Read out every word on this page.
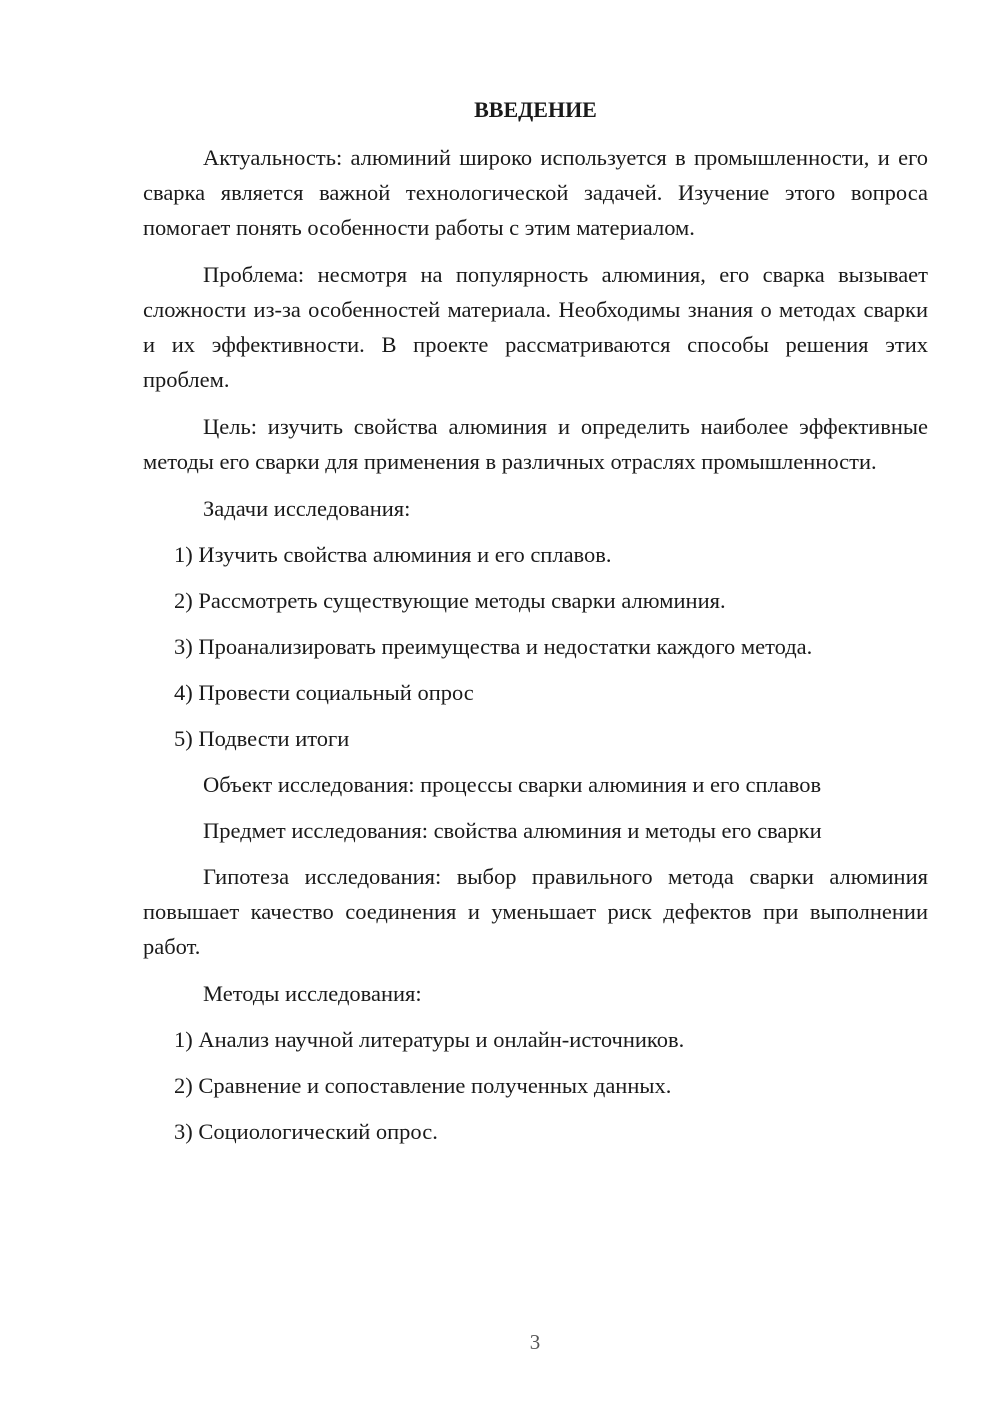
ВВЕДЕНИЕ

Актуальность: алюминий широко используется в промышленности, и его сварка является важной технологической задачей. Изучение этого вопроса помогает понять особенности работы с этим материалом.

Проблема: несмотря на популярность алюминия, его сварка вызывает сложности из-за особенностей материала. Необходимы знания о методах сварки и их эффективности. В проекте рассматриваются способы решения этих проблем.

Цель: изучить свойства алюминия и определить наиболее эффективные методы его сварки для применения в различных отраслях промышленности.

Задачи исследования:

1) Изучить свойства алюминия и его сплавов.
2) Рассмотреть существующие методы сварки алюминия.
3) Проанализировать преимущества и недостатки каждого метода.
4) Провести социальный опрос
5) Подвести итоги

Объект исследования: процессы сварки алюминия и его сплавов

Предмет исследования: свойства алюминия и методы его сварки

Гипотеза исследования: выбор правильного метода сварки алюминия повышает качество соединения и уменьшает риск дефектов при выполнении работ.

Методы исследования:

1) Анализ научной литературы и онлайн-источников.
2) Сравнение и сопоставление полученных данных.
3) Социологический опрос.
3
